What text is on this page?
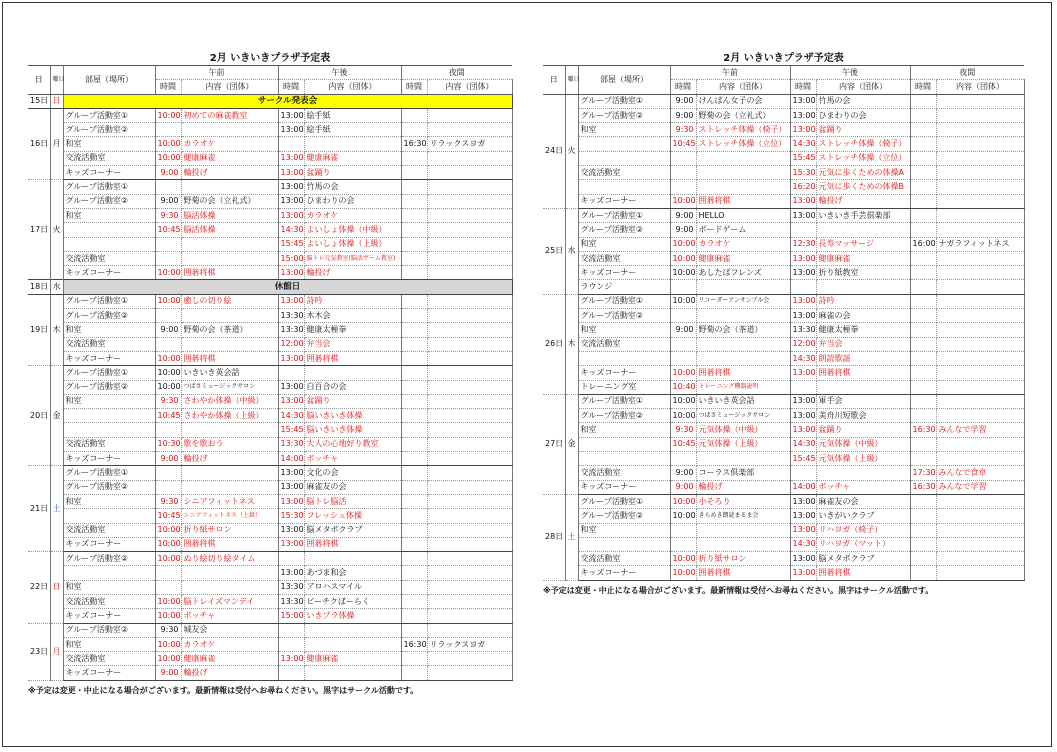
2月 いきいきプラザ予定表
日	曜日	部屋（場所）	午前		午後		夜間	
			時間	内容（団体）	時間	内容（団体）	時間	内容（団体）
15日	日	サークル発表会						
16日	月	グループ活動室①	10:00	初めての麻雀教室	13:00	絵手紙		
		グループ活動室②			13:00	絵手紙		
		和室	10:00	カラオケ			16:30	リラックスヨガ
		交流活動室	10:00	健康麻雀	13:00	健康麻雀		
		キッズコーナー	9:00	輪投げ	13:00	盆踊り		
17日	火	グループ活動室①			13:00	竹馬の会		
		グループ活動室②	9:00	野菊の会（立礼式）	13:00	ひまわりの会		
		和室	9:30	脳活体操	13:00	カラオケ		
			10:45	脳活体操	14:30	よいしょ体操（中級）		
					15:45	よいしょ体操（上級）		
		交流活動室			15:00	脳トレ元気教室(脳活ゲーム教室)		
		キッズコーナー	10:00	囲碁将棋	13:00	輪投げ		
18日	水	休館日						
19日	木	グループ活動室①	10:00	癒しの切り絵	13:00	詩吟		
		グループ活動室②			13:30	木木会		
		和室	9:00	野菊の会（茶道）	13:30	健康太極拳		
		交流活動室			12:00	弁当会		
		キッズコーナー	10:00	囲碁将棋	13:00	囲碁将棋		
20日	金	グループ活動室①	10:00	いきいき英会話				
		グループ活動室②	10:00	つばさミュージックサロン	13:00	白百合の会		
		和室	9:30	さわやか体操（中級）	13:00	盆踊り		
			10:45	さわやか体操（上級）	14:30	脳いきいき体操		
					15:45	脳いきいき体操		
		交流活動室	10:30	歌を歌おう	13:30	大人の心地好り教室		
		キッズコーナー	9:00	輪投げ	14:00	ボッチャ		
21日	土	グループ活動室①			13:00	文化の会		
		グループ活動室②			13:00	麻雀友の会		
		和室	9:30	シニアフィットネス	13:00	脳トレ脳活		
			10:45	シニアフィットネス（上級）	15:30	フレッシュ体操		
		交流活動室	10:00	折り紙サロン	13:00	脳メタボクラブ		
		キッズコーナー	10:00	囲碁将棋	13:00	囲碁将棋		
22日	日	グループ活動室②	10:00	ぬり絵切り絵タイム				
					13:00	あづま和会		
		和室			13:30	アロハスマイル		
		交流活動室	10:00	脳トレイズマンデイ	13:30	ビーチクぱーらく		
		キッズコーナー	10:00	ボッチャ	15:00	いきプラ体操		
23日	月	グループ活動室②	9:30	城友会				
		和室	10:00	カラオケ			16:30	リラックスヨガ
		交流活動室	10:00	健康麻雀	13:00	健康麻雀		
		キッズコーナー	9:00	輪投げ				
※予定は変更・中止になる場合がございます。最新情報は受付へお尋ねください。黒字はサークル活動です。
2月 いきいきプラザ予定表
日	曜日	部屋（場所）	午前		午後		夜間	
			時間	内容（団体）	時間	内容（団体）	時間	内容（団体）
24日	火	グループ活動室①	9:00	けんぱん女子の会	13:00	竹馬の会		
		グループ活動室②	9:00	野菊の会（立礼式）	13:00	ひまわりの会		
		和室	9:30	ストレッチ体操（椅子）	13:00	盆踊り		
			10:45	ストレッチ体操（立位）	14:30	ストレッチ体操（椅子）		
					15:45	ストレッチ体操（立位）		
		交流活動室			15:30	元気に歩くための体操A		
					16:20	元気に歩くための体操B		
		キッズコーナー	10:00	囲碁将棋	13:00	輪投げ		
25日	水	グループ活動室①	9:00	HELLO	13:00	いきいき手芸倶楽部		
		グループ活動室②	9:00	ボードゲーム				
		和室	10:00	カラオケ	12:30	長寿マッサージ	16:00	ナガラフィットネス
		交流活動室	10:00	健康麻雀	13:00	健康麻雀		
		キッズコーナー	10:00	あしたばフレンズ	13:00	折り紙教室		
		ラウンジ						
26日	木	グループ活動室①	10:00	リコーダーアンサンブル会	13:00	詩吟		
		グループ活動室②			13:00	麻雀の会		
		和室	9:00	野菊の会（茶道）	13:30	健康太極拳		
		交流活動室			12:00	弁当会		
					14:30	朗読歌謡		
		キッズコーナー	10:00	囲碁将棋	13:00	囲碁将棋		
		トレーニング室	10:40	トレーニング機器説明				
27日	金	グループ活動室①	10:00	いきいき英会話	13:00	軍手会		
		グループ活動室②	10:00	つばさミュージックサロン	13:00	美舟川短歌会		
		和室	9:30	元気体操（中級）	13:00	盆踊り	16:30	みんなで学習
			10:45	元気体操（上級）	14:30	元気体操（中級）		
					15:45	元気体操（上級）		
		交流活動室	9:00	コーラス倶楽部			17:30	みんなで食卓
		キッズコーナー	9:00	輪投げ	14:00	ボッチャ	16:30	みんなで学習
28日	土	グループ活動室①	10:00	小そろり	13:00	麻雀友の会		
		グループ活動室②	10:00	きらめき朗読まるま会	13:00	いきがいクラブ		
		和室			13:00	リハヨガ（椅子）		
					14:30	リハヨガ（マット）		
		交流活動室	10:00	折り紙サロン	13:00	脳メタボクラブ		
		キッズコーナー	10:00	囲碁将棋	13:00	囲碁将棋		
※予定は変更・中止になる場合がございます。最新情報は受付へお尋ねください。黒字はサークル活動です。
